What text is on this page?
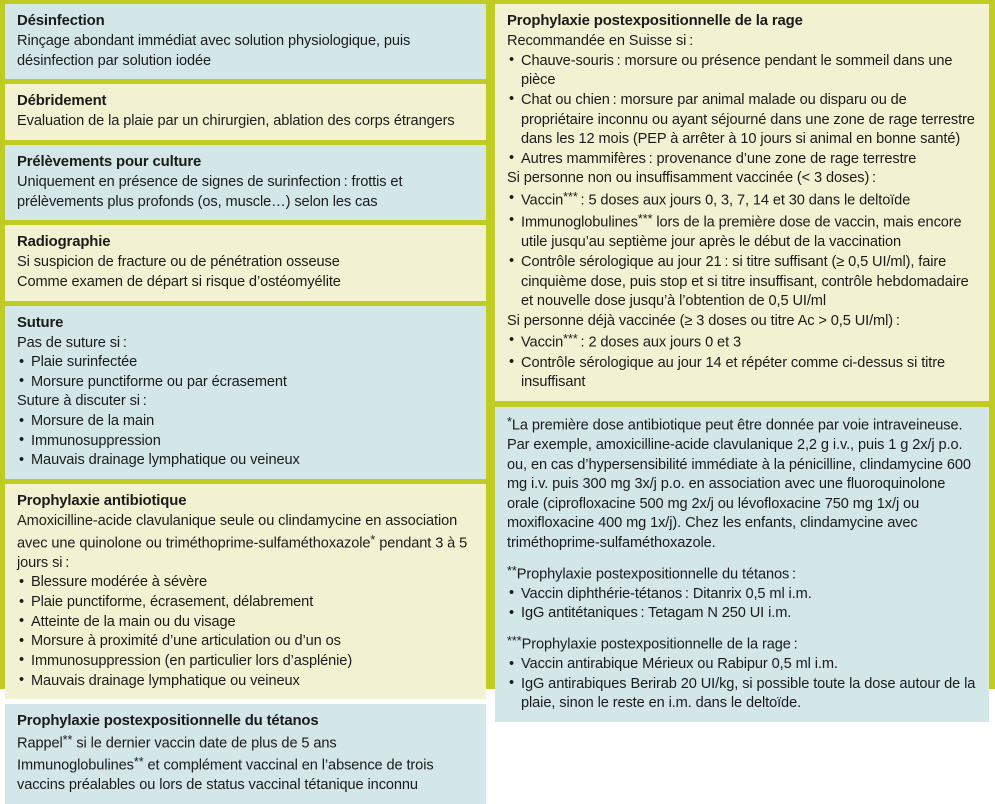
Désinfection

Rinçage abondant immédiat avec solution physiologique, puis désinfection par solution iodée

Débridement

Evaluation de la plaie par un chirurgien, ablation des corps étrangers

Prélèvements pour culture

Uniquement en présence de signes de surinfection : frottis et prélèvements plus profonds (os, muscle…) selon les cas

Radiographie

Si suspicion de fracture ou de pénétration osseuse

Comme examen de départ si risque d’ostéomyélite

Suture

Pas de suture si :

• Plaie surinfectée
• Morsure punctiforme ou par écrasement

Suture à discuter si :

• Morsure de la main
• Immunosuppression
• Mauvais drainage lymphatique ou veineux
Prophylaxie antibiotique

Amoxicilline-acide clavulanique seule ou clindamycine en association avec une quinolone ou triméthoprime-sulfaméthoxazole* pendant 3 à 5 jours si :

• Blessure modérée à sévère
• Plaie punctiforme, écrasement, délabrement
• Atteinte de la main ou du visage
• Morsure à proximité d’une articulation ou d’un os
• Immunosuppression (en particulier lors d’asplénie)
• Mauvais drainage lymphatique ou veineux
Prophylaxie postexpositionnelle du tétanos

Rappel** si le dernier vaccin date de plus de 5 ans

Immunoglobulines** et complément vaccinal en l’absence de trois vaccins préalables ou lors de status vaccinal tétanique inconnu

Prophylaxie postexpositionnelle de la rage

Recommandée en Suisse si :

• Chauve-souris : morsure ou présence pendant le sommeil dans une pièce
• Chat ou chien : morsure par animal malade ou disparu ou de propriétaire inconnu ou ayant séjourné dans une zone de rage terrestre dans les 12 mois (PEP à arrêter à 10 jours si animal en bonne santé)
• Autres mammifères : provenance d’une zone de rage terrestre

Si personne non ou insuffisamment vaccinée (< 3 doses) :

• Vaccin*** : 5 doses aux jours 0, 3, 7, 14 et 30 dans le deltoïde
• Immunoglobulines*** lors de la première dose de vaccin, mais encore utile jusqu’au septième jour après le début de la vaccination
• Contrôle sérologique au jour 21 : si titre suffisant (≥ 0,5 UI/ml), faire cinquième dose, puis stop et si titre insuffisant, contrôle hebdomadaire et nouvelle dose jusqu’à l’obtention de 0,5 UI/ml

Si personne déjà vaccinée (≥ 3 doses ou titre Ac > 0,5 UI/ml) :

• Vaccin*** : 2 doses aux jours 0 et 3
• Contrôle sérologique au jour 14 et répéter comme ci-dessus si titre insuffisant

*La première dose antibiotique peut être donnée par voie intraveineuse. Par exemple, amoxicilline-acide clavulanique 2,2 g i.v., puis 1 g 2x/j p.o. ou, en cas d’hypersensibilité immédiate à la pénicilline, clindamycine 600 mg i.v. puis 300 mg 3x/j p.o. en association avec une fluoroquinolone orale (ciprofloxacine 500 mg 2x/j ou lévofloxacine 750 mg 1x/j ou moxifloxacine 400 mg 1x/j). Chez les enfants, clindamycine avec triméthoprime-sulfaméthoxazole.

**Prophylaxie postexpositionnelle du tétanos :

• Vaccin diphthérie-tétanos : Ditanrix 0,5 ml i.m.
• IgG antitétaniques : Tetagam N 250 UI i.m.

***Prophylaxie postexpositionnelle de la rage :

• Vaccin antirabique Mérieux ou Rabipur 0,5 ml i.m.
• IgG antirabiques Berirab 20 UI/kg, si possible toute la dose autour de la plaie, sinon le reste en i.m. dans le deltoïde.
